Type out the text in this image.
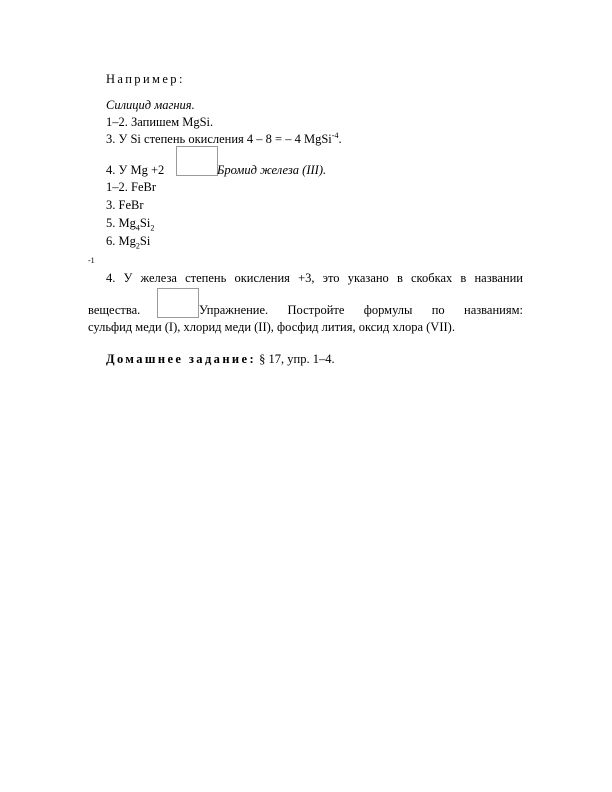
Например:
Силицид магния.
1–2. Запишем MgSi.
3. У Si степень окисления 4 – 8 = – 4 MgSi$^{-4}$.
4. У Mg +2	Бромид железа (III).
1–2. FeBr
3. FeBr
5. $Mg_4Si_2$
6. $Mg_2Si$
-1
4. У железа степень окисления +3, это указано в скобках в названии
вещества.	Упражнение. Постройте формулы по названиям:
сульфид меди (I), хлорид меди (II), фосфид лития, оксид хлора (VII).
Домашнее задание: § 17, упр. 1–4.
